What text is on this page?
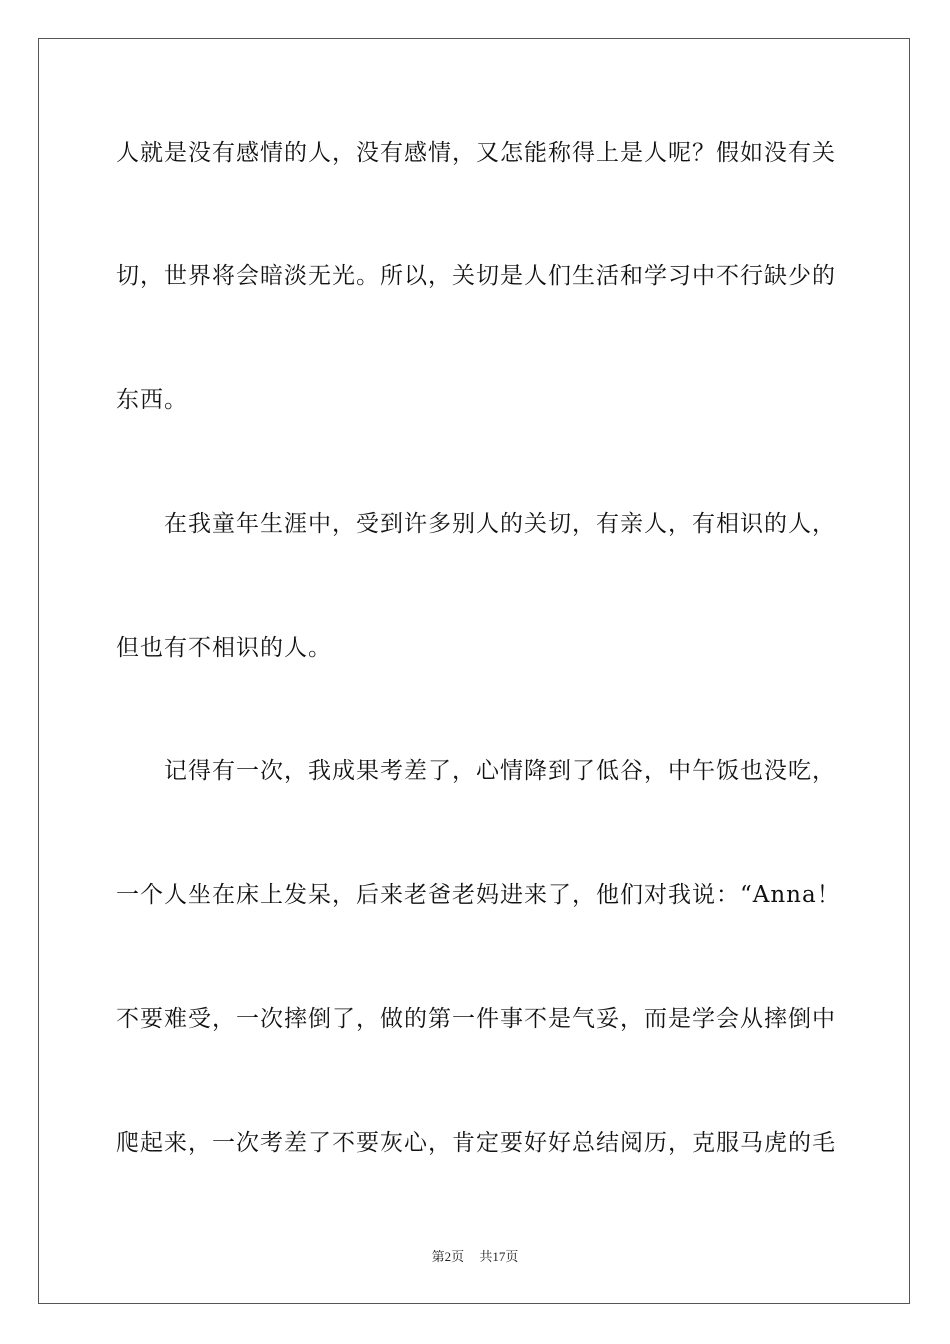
人就是没有感情的人，没有感情，又怎能称得上是人呢？假如没有关
切，世界将会暗淡无光。所以，关切是人们生活和学习中不行缺少的
东西。
在我童年生涯中，受到许多别人的关切，有亲人，有相识的人，
但也有不相识的人。
记得有一次，我成果考差了，心情降到了低谷，中午饭也没吃，
一个人坐在床上发呆，后来老爸老妈进来了，他们对我说：“Anna！
不要难受，一次摔倒了，做的第一件事不是气妥，而是学会从摔倒中
爬起来，一次考差了不要灰心，肯定要好好总结阅历，克服马虎的毛
第2页 共17页
